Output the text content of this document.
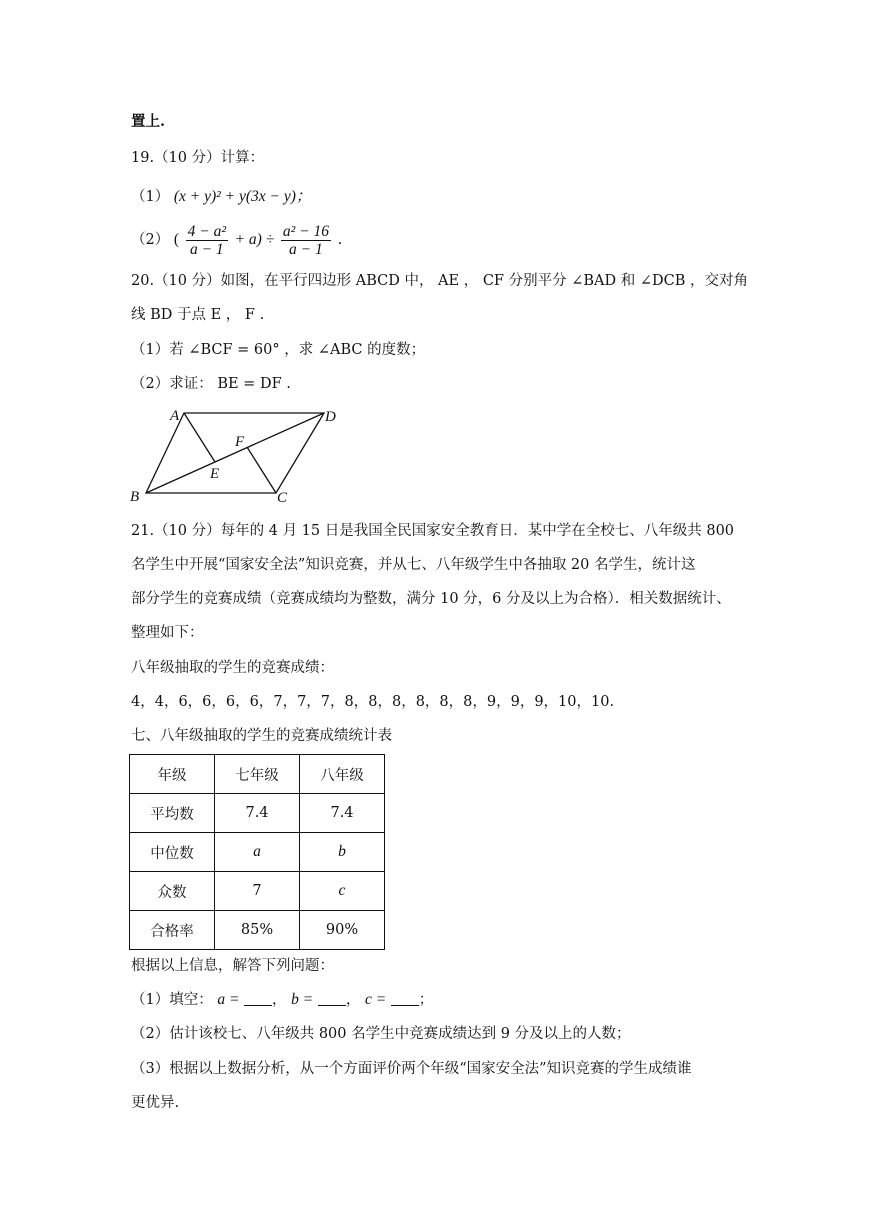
置上.
19.（10 分）计算：
（1） (x + y)² + y(3x − y)；
（2） ( $\frac{\text{4 − a²}}{a - 1} + a) \div \frac{\text{a² − 16}}{a - 1}$ .
20.（10 分）如图，在平行四边形 ABCD 中， AE ， CF 分别平分 ∠BAD 和 ∠DCB ，交对角
线 BD 于点 E ， F .
（1）若 ∠BCF = 60° ，求 ∠ABC 的度数；
（2）求证： BE = DF .
A	D
F
E
B	C
21.（10 分）每年的 4 月 15 日是我国全民国家安全教育日．某中学在全校七、八年级共 800
名学生中开展“国家安全法”知识竞赛，并从七、八年级学生中各抽取 20 名学生，统计这
部分学生的竞赛成绩（竞赛成绩均为整数，满分 10 分，6 分及以上为合格）．相关数据统计、
整理如下：
八年级抽取的学生的竞赛成绩：
4，4，6，6，6，6，7，7，7，8，8，8，8，8，8，9，9，9，10，10.
七、八年级抽取的学生的竞赛成绩统计表
年级	七年级	八年级
平均数	7.4	7.4
中位数	a	b
众数	7	c
合格率	85%	90%
根据以上信息，解答下列问题：
（1）填空： a = ， b = ， c = ；
（2）估计该校七、八年级共 800 名学生中竞赛成绩达到 9 分及以上的人数；
（3）根据以上数据分析，从一个方面评价两个年级“国家安全法”知识竞赛的学生成绩谁
更优异.
